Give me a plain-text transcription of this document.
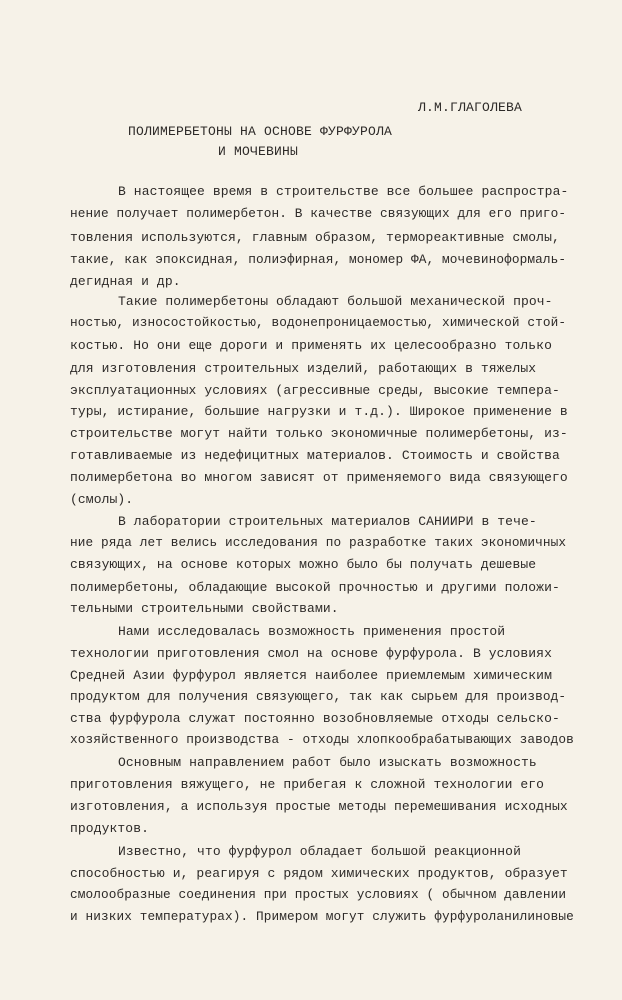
Л.М.ГЛАГОЛЕВА
ПОЛИМЕРБЕТОНЫ НА ОСНОВЕ ФУРФУРОЛА
И МОЧЕВИНЫ
В настоящее время в строительстве все большее распростра-
нение получает полимербетон. В качестве связующих для его приго-
товления используются, главным образом, термореактивные смолы,
такие, как эпоксидная, полиэфирная, мономер ФА, мочевиноформаль-
дегидная и др.
Такие полимербетоны обладают большой механической проч-
ностью, износостойкостью, водонепроницаемостью, химической стой-
костью. Но они еще дороги и применять их целесообразно только
для изготовления строительных изделий, работающих в тяжелых
эксплуатационных условиях (агрессивные среды, высокие темпера-
туры, истирание, большие нагрузки и т.д.). Широкое применение в
строительстве могут найти только экономичные полимербетоны, из-
готавливаемые из недефицитных материалов. Стоимость и свойства
полимербетона во многом зависят от применяемого вида связующего
(смолы).
В лаборатории строительных материалов САНИИРИ в тече-
ние ряда лет велись исследования по разработке таких экономичных
связующих, на основе которых можно было бы получать дешевые
полимербетоны, обладающие высокой прочностью и другими положи-
тельными строительными свойствами.
Нами исследовалась возможность применения простой
технологии приготовления смол на основе фурфурола. В условиях
Средней Азии фурфурол является наиболее приемлемым химическим
продуктом для получения связующего, так как сырьем для производ-
ства фурфурола служат постоянно возобновляемые отходы сельско-
хозяйственного производства - отходы хлопкообрабатывающих заводов
Основным направлением работ было изыскать возможность
приготовления вяжущего, не прибегая к сложной технологии его
изготовления, а используя простые методы перемешивания исходных
продуктов.
Известно, что фурфурол обладает большой реакционной
способностью и, реагируя с рядом химических продуктов, образует
смолообразные соединения при простых условиях ( обычном давлении
и низких температурах). Примером могут служить фурфуроланилиновые
